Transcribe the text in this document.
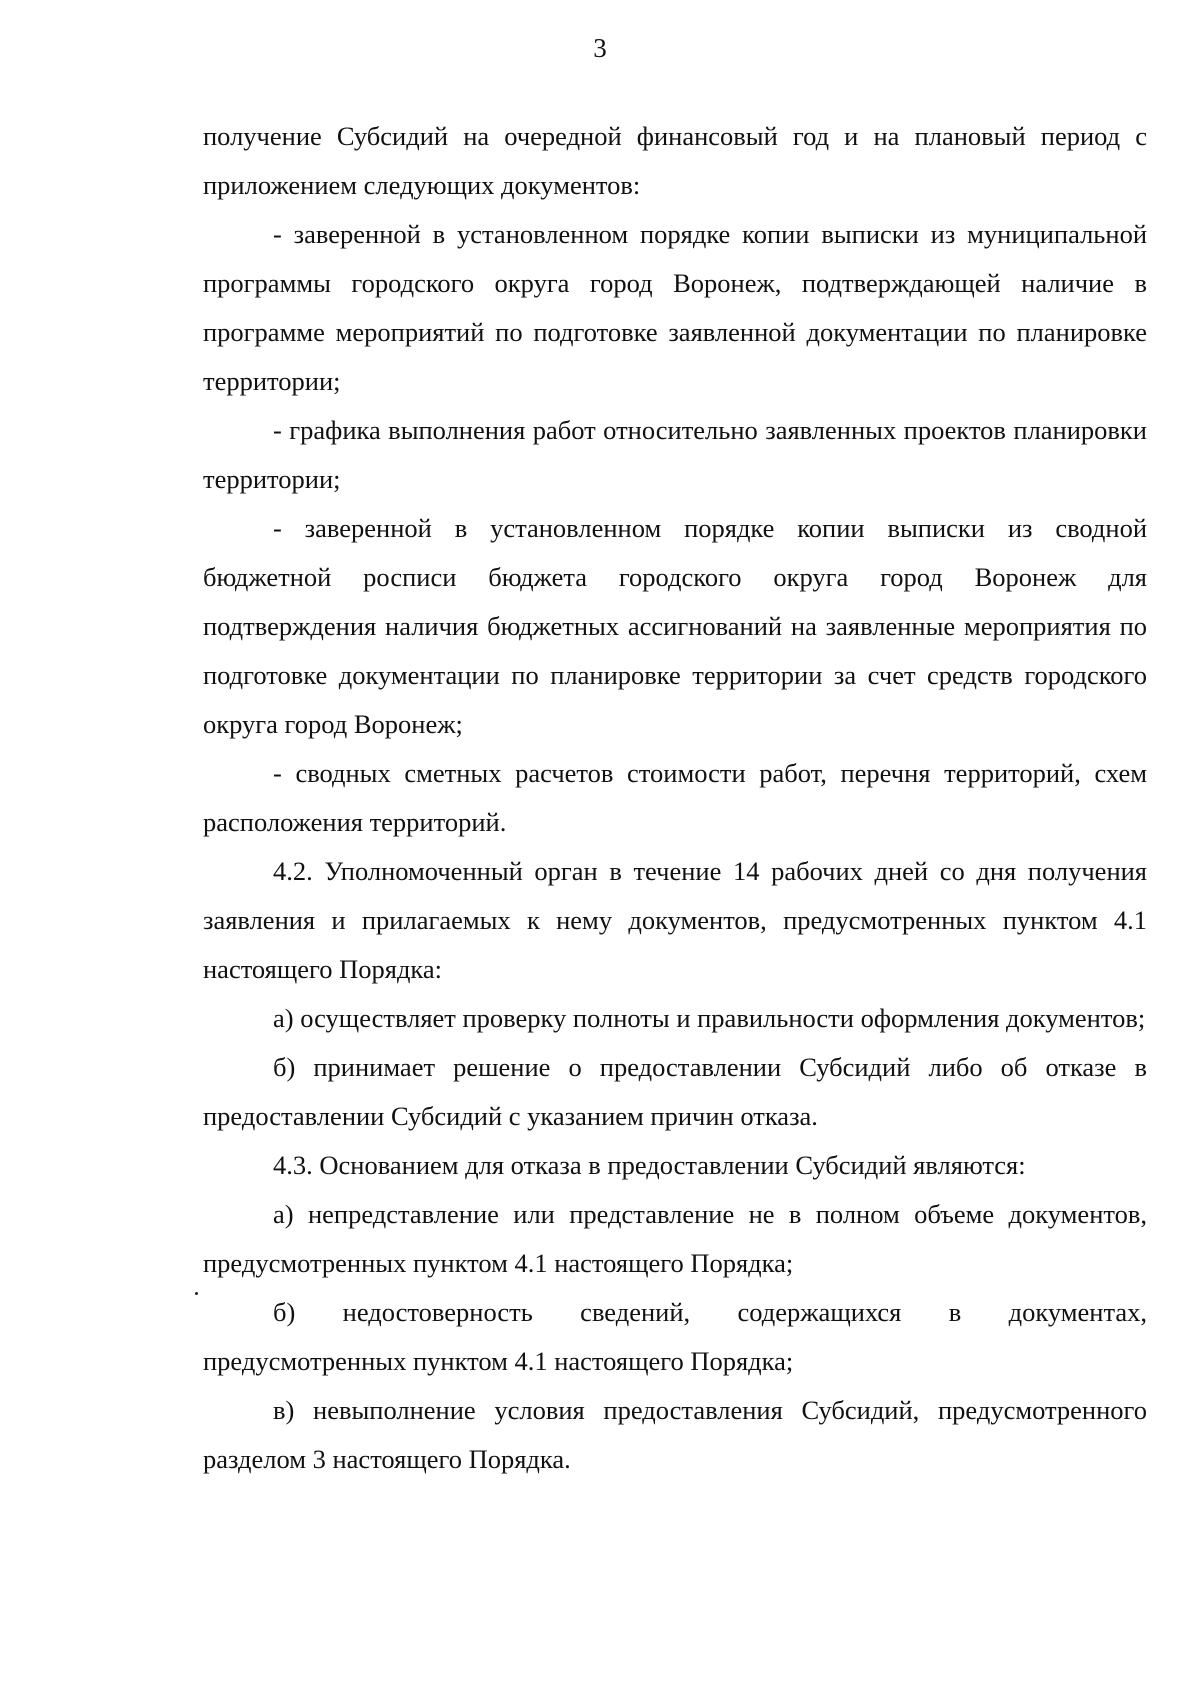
3

получение Субсидий на очередной финансовый год и на плановый период с приложением следующих документов:

- заверенной в установленном порядке копии выписки из муниципальной программы городского округа город Воронеж, подтверждающей наличие в программе мероприятий по подготовке заявленной документации по планировке территории;

- графика выполнения работ относительно заявленных проектов планировки территории;

- заверенной в установленном порядке копии выписки из сводной бюджетной росписи бюджета городского округа город Воронеж для подтверждения наличия бюджетных ассигнований на заявленные мероприятия по подготовке документации по планировке территории за счет средств городского округа город Воронеж;

- сводных сметных расчетов стоимости работ, перечня территорий, схем расположения территорий.

4.2. Уполномоченный орган в течение 14 рабочих дней со дня получения заявления и прилагаемых к нему документов, предусмотренных пунктом 4.1 настоящего Порядка:

а) осуществляет проверку полноты и правильности оформления документов;

б) принимает решение о предоставлении Субсидий либо об отказе в предоставлении Субсидий с указанием причин отказа.

4.3. Основанием для отказа в предоставлении Субсидий являются:

а) непредставление или представление не в полном объеме документов, предусмотренных пунктом 4.1 настоящего Порядка;

б) недостоверность сведений, содержащихся в документах, предусмотренных пунктом 4.1 настоящего Порядка;

в) невыполнение условия предоставления Субсидий, предусмотренного разделом 3 настоящего Порядка.
